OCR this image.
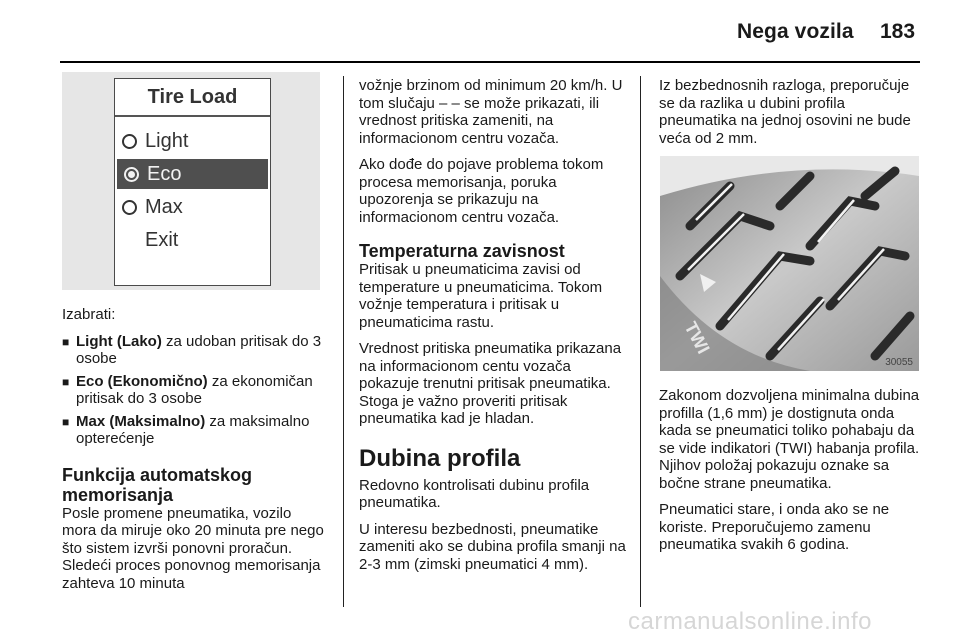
Nega vozila 183
Tire Load
Light
Eco
Max
Exit

Izabrati:

■
Light (Lako) za udoban pritisak do 3 osobe
■
Eco (Ekonomično) za ekonomičan pritisak do 3 osobe
■
Max (Maksimalno) za maksimalno opterećenje
Funkcija automatskog memorisanja

Posle promene pneumatika, vozilo mora da miruje oko 20 minuta pre nego što sistem izvrši ponovni proračun. Sledeći proces ponovnog memorisanja zahteva 10 minuta

vožnje brzinom od minimum 20 km/h. U tom slučaju – – se može prikazati, ili vrednost pritiska zameniti, na informacionom centru vozača.

Ako dođe do pojave problema tokom procesa memorisanja, poruka upozorenja se prikazuju na informacionom centru vozača.

Temperaturna zavisnost

Pritisak u pneumaticima zavisi od temperature u pneumaticima. Tokom vožnje temperatura i pritisak u pneumaticima rastu.

Vrednost pritiska pneumatika prikazana na informacionom centu vozača pokazuje trenutni pritisak pneumatika. Stoga je važno proveriti pritisak pneumatika kad je hladan.

Dubina profila

Redovno kontrolisati dubinu profila pneumatika.

U interesu bezbednosti, pneumatike zameniti ako se dubina profila smanji na 2-3 mm (zimski pneumatici 4 mm).

Iz bezbednosnih razloga, preporučuje se da razlika u dubini profila pneumatika na jednoj osovini ne bude veća od 2 mm.

TWI
30055

Zakonom dozvoljena minimalna dubina profilla (1,6 mm) je dostignuta onda kada se pneumatici toliko pohabaju da se vide indikatori (TWI) habanja profila. Njihov položaj pokazuju oznake sa bočne strane pneumatika.

Pneumatici stare, i onda ako se ne koriste. Preporučujemo zamenu pneumatika svakih 6 godina.

carmanualsonline.info
